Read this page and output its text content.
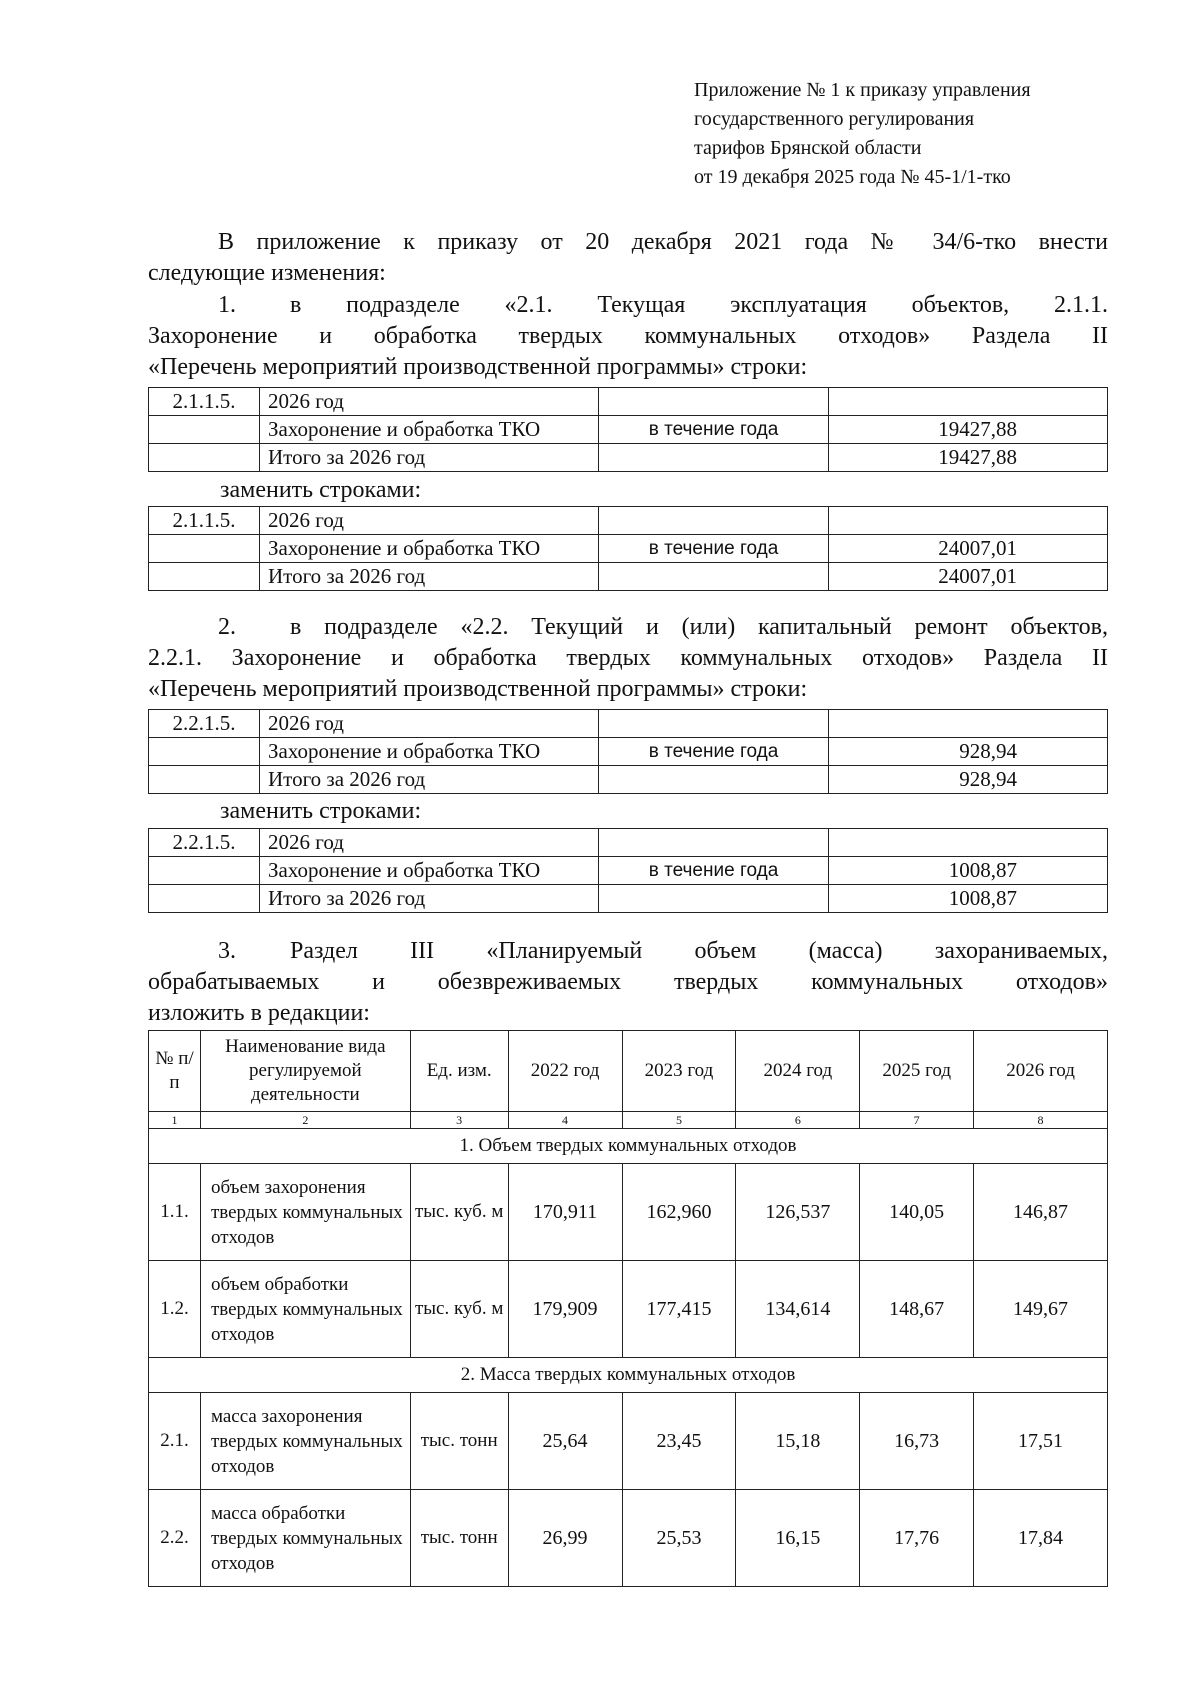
Приложение № 1 к приказу управления
государственного регулирования
тарифов Брянской области
от 19 декабря 2025 года № 45-1/1-тко
В приложение к приказу от 20 декабря 2021 года № 34/6-тко внести
следующие изменения:
1. в подразделе «2.1. Текущая эксплуатация объектов, 2.1.1.
Захоронение и обработка твердых коммунальных отходов» Раздела II
«Перечень мероприятий производственной программы» строки:
2.1.1.5.	2026 год		
	Захоронение и обработка ТКО	в течение года	19427,88
	Итого за 2026 год		19427,88
заменить строками:
2.1.1.5.	2026 год		
	Захоронение и обработка ТКО	в течение года	24007,01
	Итого за 2026 год		24007,01
2. в подразделе «2.2. Текущий и (или) капитальный ремонт объектов,
2.2.1. Захоронение и обработка твердых коммунальных отходов» Раздела II
«Перечень мероприятий производственной программы» строки:
2.2.1.5.	2026 год		
	Захоронение и обработка ТКО	в течение года	928,94
	Итого за 2026 год		928,94
заменить строками:
2.2.1.5.	2026 год		
	Захоронение и обработка ТКО	в течение года	1008,87
	Итого за 2026 год		1008,87
3. Раздел III «Планируемый объем (масса) захораниваемых,
обрабатываемых и обезвреживаемых твердых коммунальных отходов»
изложить в редакции:
№ п/п	Наименование вида регулируемой деятельности	Ед. изм.	2022 год	2023 год	2024 год	2025 год	2026 год
1	2	3	4	5	6	7	8
1. Объем твердых коммунальных отходов							
1.1.	объем захоронения твердых коммунальных отходов	тыс. куб. м	170,911	162,960	126,537	140,05	146,87
1.2.	объем обработки твердых коммунальных отходов	тыс. куб. м	179,909	177,415	134,614	148,67	149,67
2. Масса твердых коммунальных отходов							
2.1.	масса захоронения твердых коммунальных отходов	тыс. тонн	25,64	23,45	15,18	16,73	17,51
2.2.	масса обработки твердых коммунальных отходов	тыс. тонн	26,99	25,53	16,15	17,76	17,84
